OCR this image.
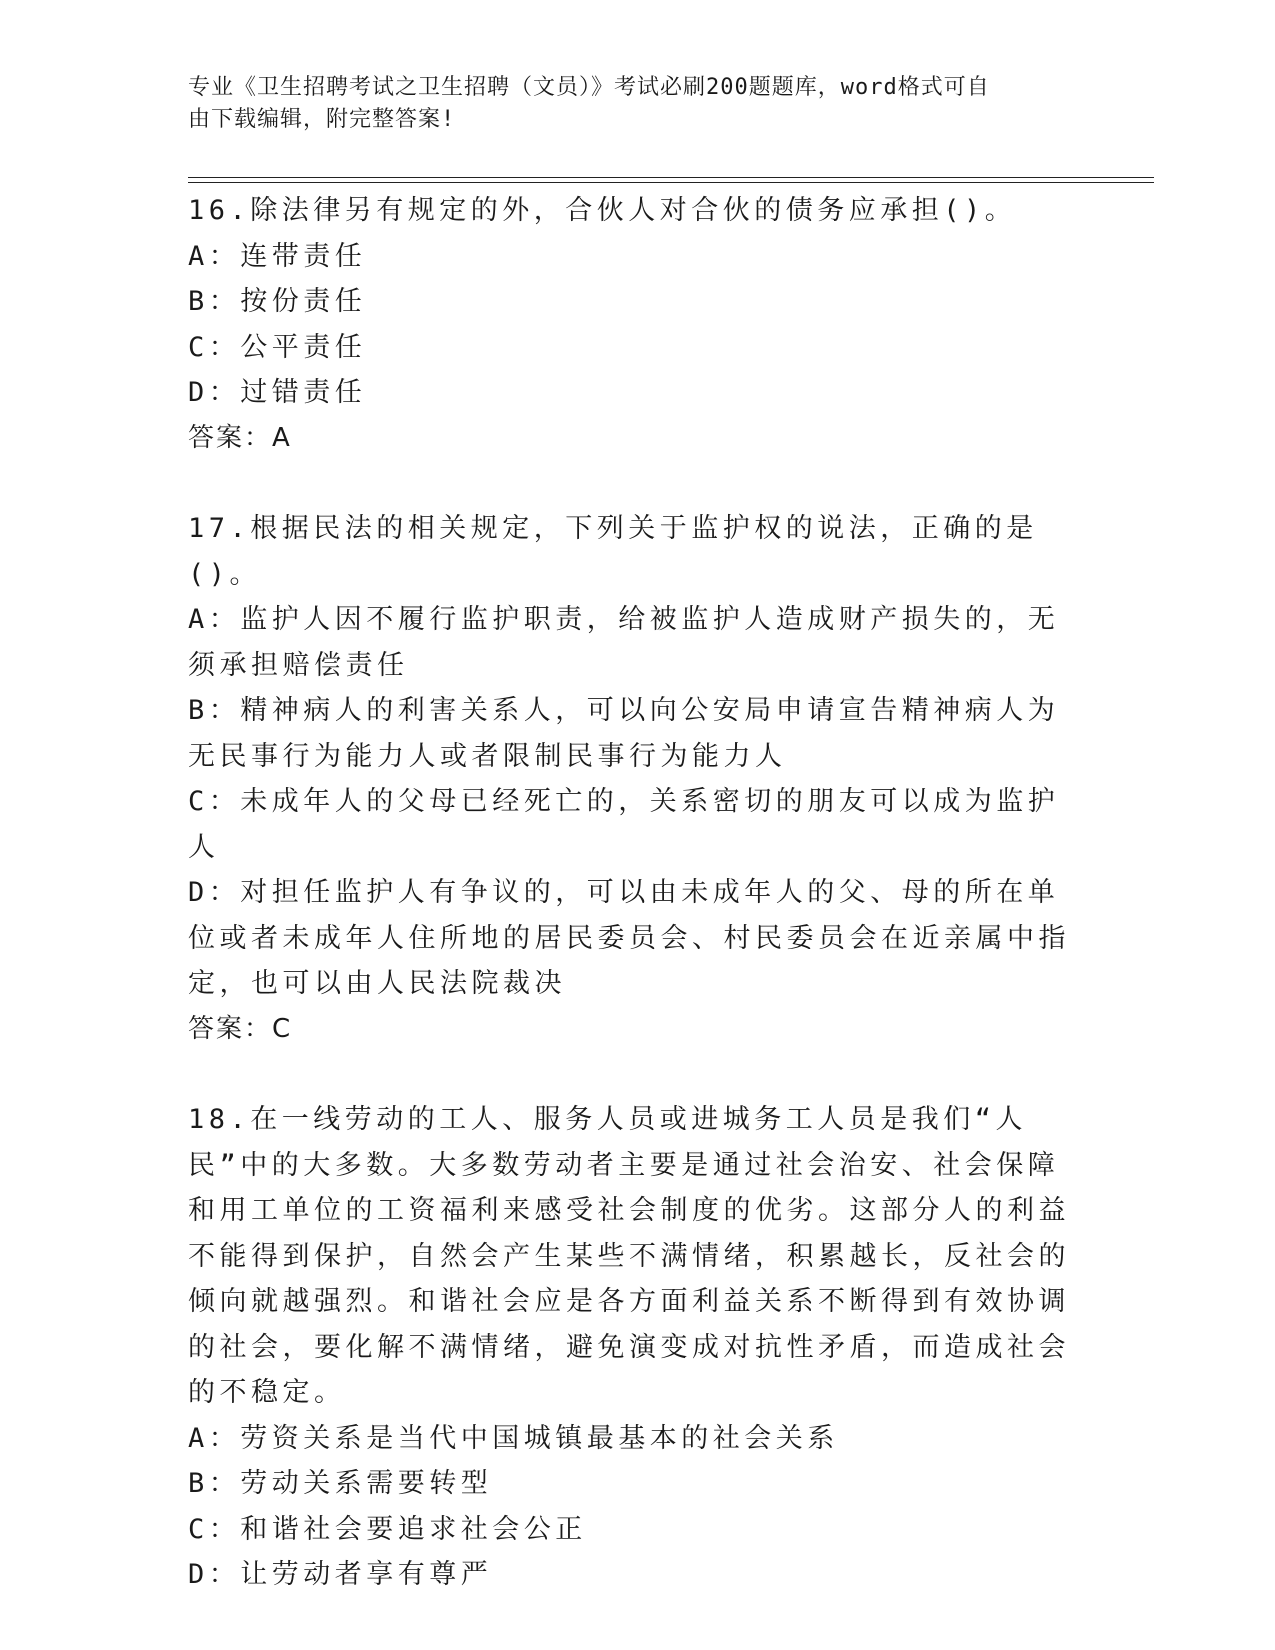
专业《卫生招聘考试之卫生招聘（文员）》考试必刷200题题库，word格式可自
由下载编辑，附完整答案!

16.除法律另有规定的外，合伙人对合伙的债务应承担()。

A：连带责任

B：按份责任

C：公平责任

D：过错责任

答案：A

17.根据民法的相关规定，下列关于监护权的说法，正确的是()。

A：监护人因不履行监护职责，给被监护人造成财产损失的，无须承担赔偿责任

B：精神病人的利害关系人，可以向公安局申请宣告精神病人为无民事行为能力人或者限制民事行为能力人

C：未成年人的父母已经死亡的，关系密切的朋友可以成为监护人

D：对担任监护人有争议的，可以由未成年人的父、母的所在单位或者未成年人住所地的居民委员会、村民委员会在近亲属中指定，也可以由人民法院裁决

答案：C

18.在一线劳动的工人、服务人员或进城务工人员是我们“人民”中的大多数。大多数劳动者主要是通过社会治安、社会保障和用工单位的工资福利来感受社会制度的优劣。这部分人的利益不能得到保护，自然会产生某些不满情绪，积累越长，反社会的倾向就越强烈。和谐社会应是各方面利益关系不断得到有效协调的社会，要化解不满情绪，避免演变成对抗性矛盾，而造成社会的不稳定。

A：劳资关系是当代中国城镇最基本的社会关系

B：劳动关系需要转型

C：和谐社会要追求社会公正

D：让劳动者享有尊严
